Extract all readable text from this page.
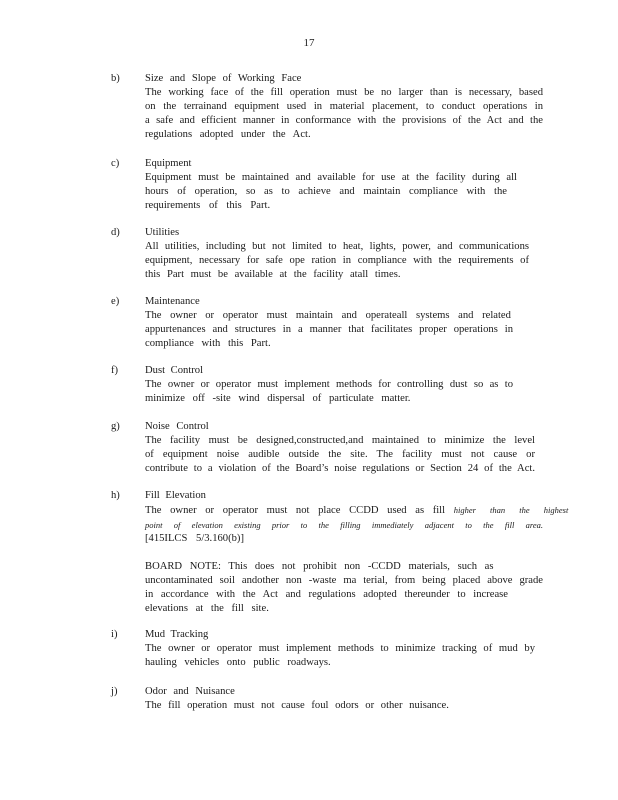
17
b) Size and Slope of Working Face
The working face of the fill operation must be no larger than is necessary, based
on the terrainand equipment used in material placement, to conduct operations in
a safe and efficient manner in conformance with the provisions of the Act and the
regulations adopted under the Act.
c) Equipment
Equipment must be maintained and available for use at the facility during all
hours of operation, so as to achieve and maintain compliance with the
requirements of this Part.
d) Utilities
All utilities, including but not limited to heat, lights, power, and communications
equipment, necessary for safe ope ration in compliance with the requirements of
this Part must be available at the facility atall times.
e) Maintenance
The owner or operator must maintain and operateall systems and related
appurtenances and structures in a manner that facilitates proper operations in
compliance with this Part.
f)	Dust Control
The owner or operator must implement methods for controlling dust so as to
minimize off -site wind dispersal of particulate matter.
g) Noise Control
The facility must be designed,constructed,and maintained to minimize the level
of equipment noise audible outside the site. The facility must not cause or
contribute to a violation of the Board’s noise regulations or Section 24 of the Act.
h) Fill Elevation
The owner or operator must not place CCDD used as fill higher than the highest
point of elevation existing prior to the filling immediately adjacent to the fill area.
[415ILCS 5/3.160(b)]
BOARD NOTE: This does not prohibit non -CCDD materials, such as
uncontaminated soil andother non -waste ma terial, from being placed above grade
in accordance with the Act and regulations adopted thereunder to increase
elevations at the fill site.
i)	Mud Tracking
The owner or operator must implement methods to minimize tracking of mud by
hauling vehicles onto public roadways.
j)	Odor and Nuisance
The fill operation must not cause foul odors or other nuisance.
